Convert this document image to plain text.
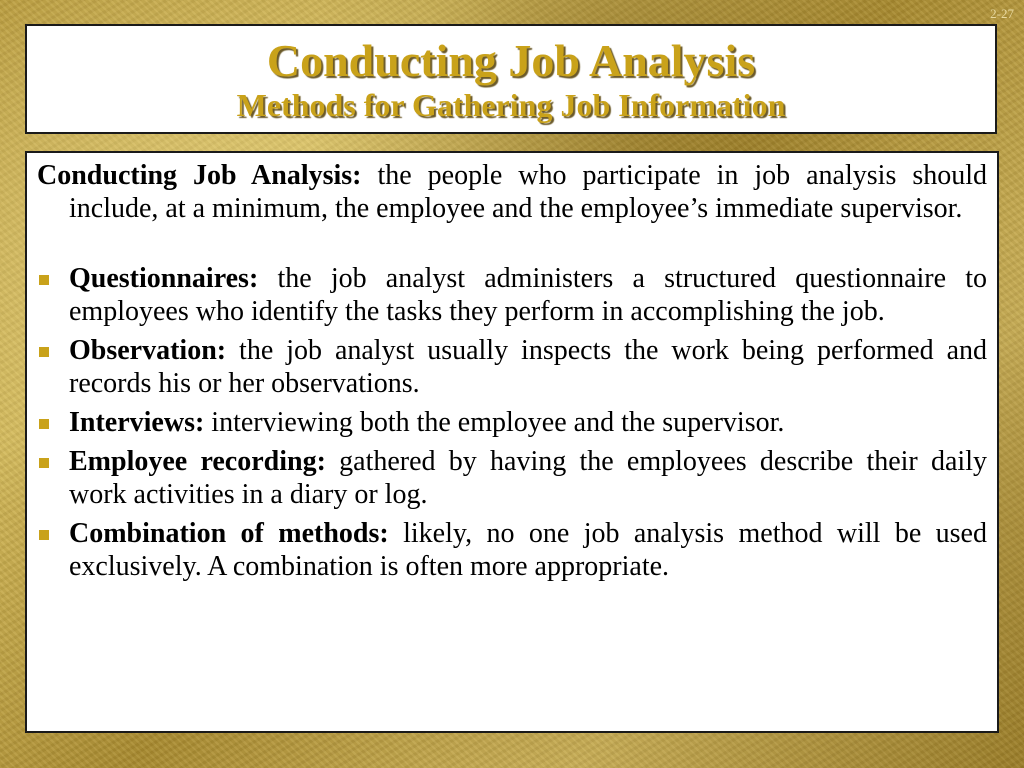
2-27
Conducting Job Analysis
Methods for Gathering Job Information
Conducting Job Analysis: the people who participate in job analysis should include, at a minimum, the employee and the employee’s immediate supervisor.
Questionnaires: the job analyst administers a structured questionnaire to employees who identify the tasks they perform in accomplishing the job.
Observation: the job analyst usually inspects the work being performed and records his or her observations.
Interviews: interviewing both the employee and the supervisor.
Employee recording: gathered by having the employees describe their daily work activities in a diary or log.
Combination of methods: likely, no one job analysis method will be used exclusively. A combination is often more appropriate.
